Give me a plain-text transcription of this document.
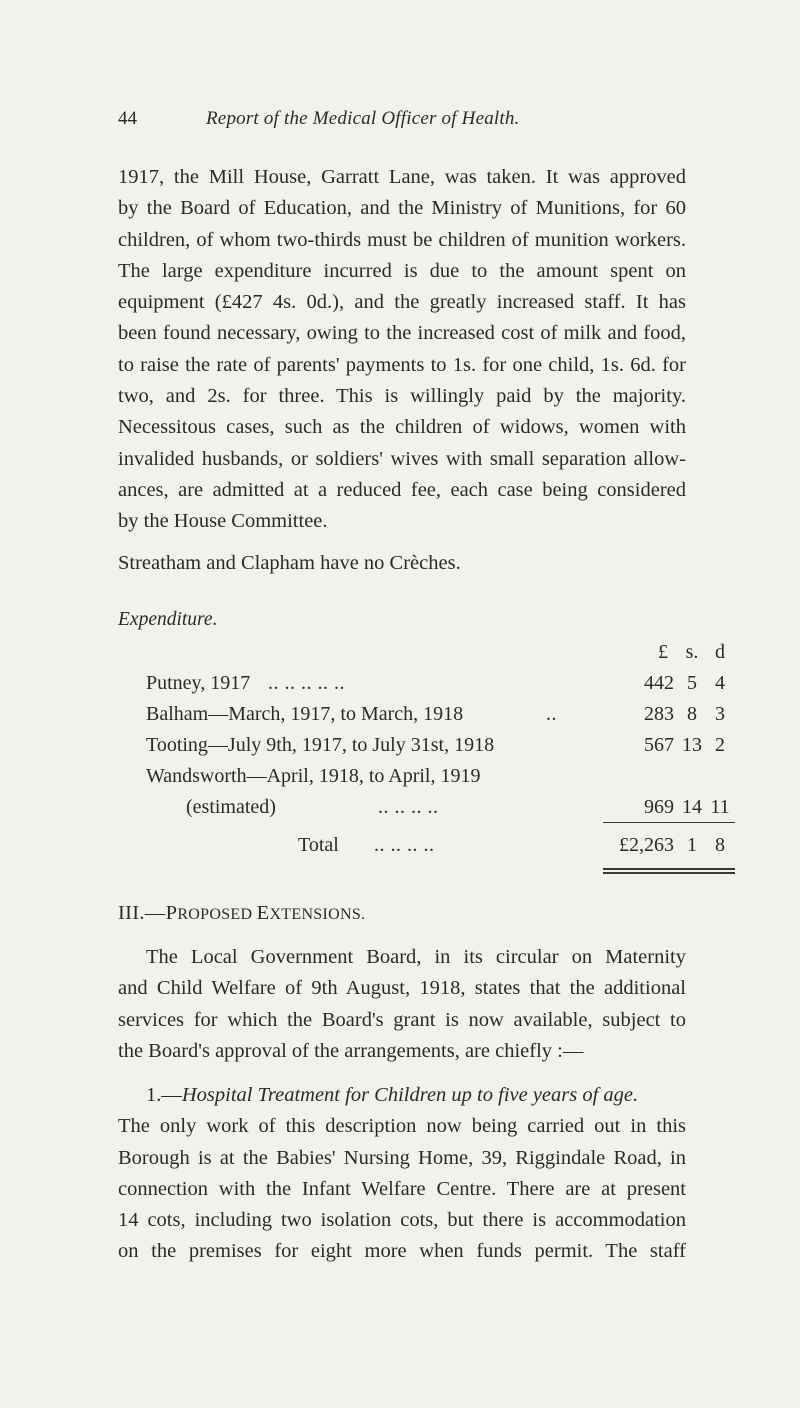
44	Report of the Medical Officer of Health.
1917, the Mill House, Garratt Lane, was taken. It was approved
by the Board of Education, and the Ministry of Munitions, for 60
children, of whom two-thirds must be children of munition workers.
The large expenditure incurred is due to the amount spent on
equipment (£427 4s. 0d.), and the greatly increased staff. It has
been found necessary, owing to the increased cost of milk and food,
to raise the rate of parents' payments to 1s. for one child, 1s. 6d. for
two, and 2s. for three. This is willingly paid by the majority.
Necessitous cases, such as the children of widows, women with
invalided husbands, or soldiers' wives with small separation allow-
ances, are admitted at a reduced fee, each case being considered
by the House Committee.

Streatham and Clapham have no Crèches.

Expenditure.

£ s. d
Putney, 1917 .. .. .. .. ..	442 5 4
Balham—March, 1917, to March, 1918	..	283 8 3
Tooting—July 9th, 1917, to July 31st, 1918	567 13 2
Wandsworth—April, 1918, to April, 1919
(estimated)	.. .. .. ..	969 14 11
Total .. .. .. ..	£2,263 1 8

III.—PROPOSED EXTENSIONS.

The Local Government Board, in its circular on Maternity
and Child Welfare of 9th August, 1918, states that the additional
services for which the Board's grant is now available, subject to
the Board's approval of the arrangements, are chiefly :—
1.—Hospital Treatment for Children up to five years of age.
The only work of this description now being carried out in this
Borough is at the Babies' Nursing Home, 39, Riggindale Road, in
connection with the Infant Welfare Centre. There are at present
14 cots, including two isolation cots, but there is accommodation
on the premises for eight more when funds permit. The staff
